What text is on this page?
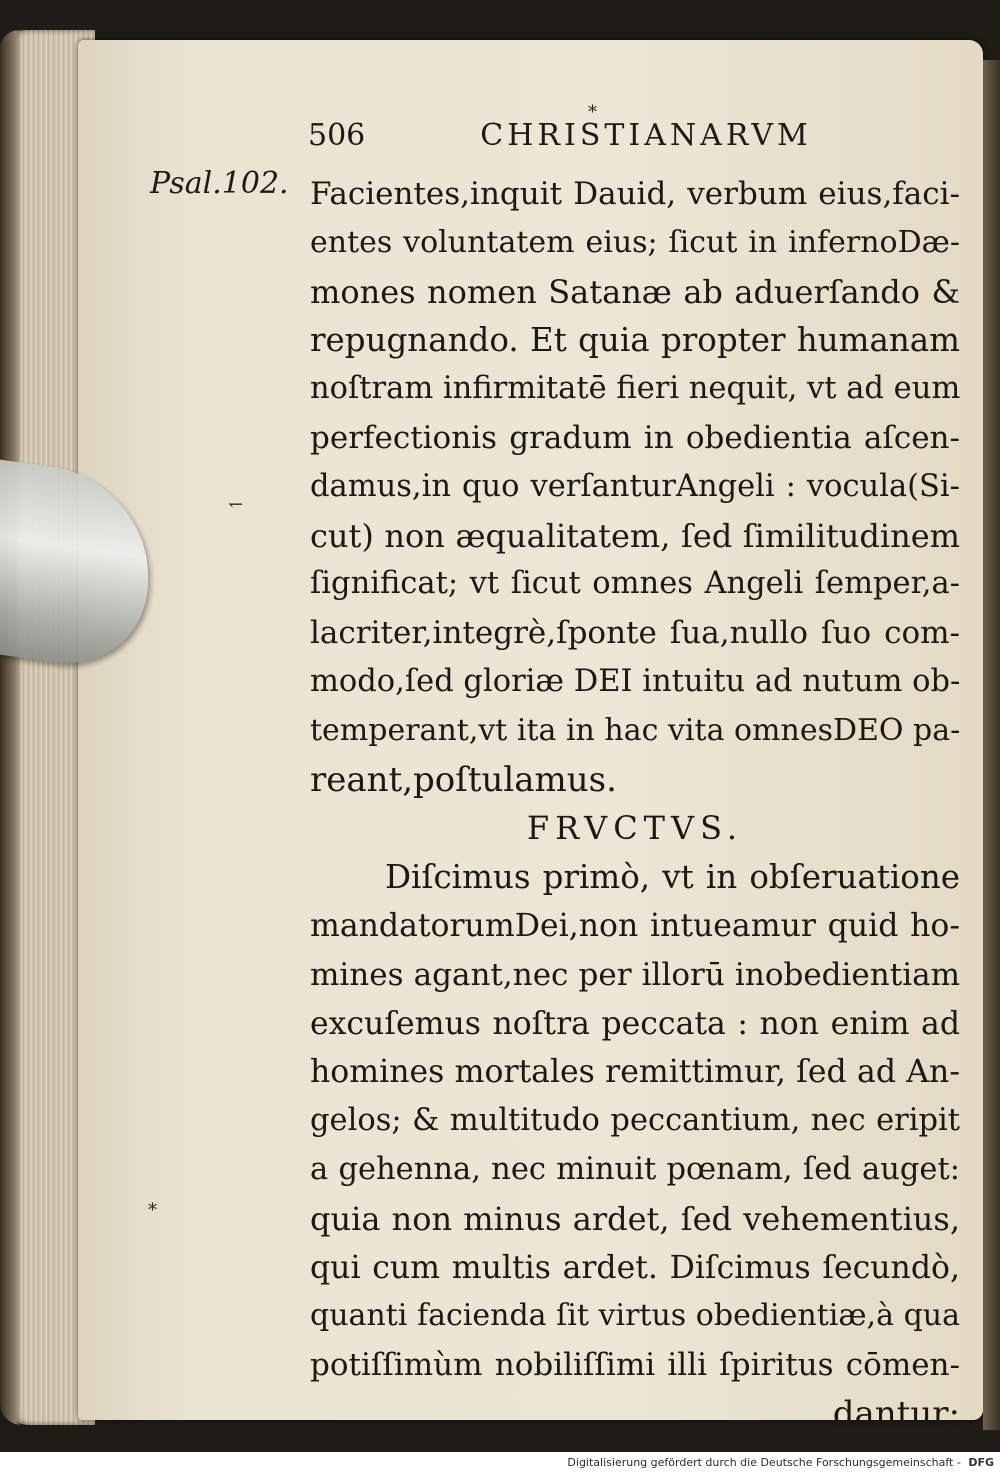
⁎
↽
⁎
506	CHRISTIANARVM
Psal.102. Facientes,inquit Dauid, verbum eius,faci-
entes voluntatem eius; ſicut in infernoDæ-
mones nomen Satanæ ab aduerſando &
repugnando. Et quia propter humanam
noſtram infirmitatē fieri nequit, vt ad eum
perfectionis gradum in obedientia aſcen-
damus,in quo verſanturAngeli : vocula(Si-
cut) non æqualitatem, ſed ſimilitudinem
ſignificat; vt ſicut omnes Angeli ſemper,a-
lacriter,integrè,ſponte ſua,nullo ſuo com-
modo,ſed gloriæ DEI intuitu ad nutum ob-
temperant,vt ita in hac vita omnesDEO pa-
reant,poſtulamus.
FRVCTVS.
Diſcimus primò, vt in obſeruatione
mandatorumDei,non intueamur quid ho-
mines agant,nec per illorū inobedientiam
excuſemus noſtra peccata : non enim ad
homines mortales remittimur, ſed ad An-
gelos; & multitudo peccantium, nec eripit
a gehenna, nec minuit pœnam, ſed auget:
quia non minus ardet, ſed vehementius,
qui cum multis ardet. Diſcimus ſecundò,
quanti facienda ſit virtus obedientiæ,à qua
potiſſimùm nobiliſſimi illi ſpiritus cōmen-
dantur;
Digitalisierung gefördert durch die Deutsche Forschungsgemeinschaft - DFG
